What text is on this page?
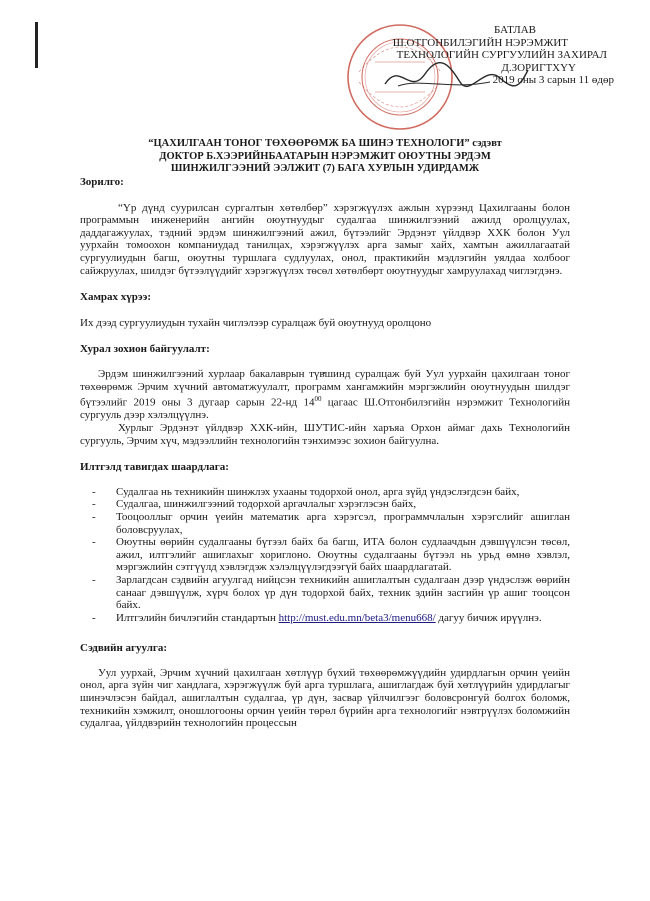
БАТЛАВ
Ш.ОТГОНБИЛЭГИЙН НЭРЭМЖИТ
ТЕХНОЛОГИЙН СУРГУУЛИЙН ЗАХИРАЛ
Д.ЗОРИГТХҮҮ
2019 оны 3 сарын 11 өдөр
“ЦАХИЛГААН ТОНОГ ТӨХӨӨРӨМЖ БА ШИНЭ ТЕХНОЛОГИ” сэдэвт
ДОКТОР Б.ХЭЭРИЙНБААТАРЫН НЭРЭМЖИТ ОЮУТНЫ ЭРДЭМ
ШИНЖИЛГЭЭНИЙ ЭЭЛЖИТ (7) БАГА ХУРЛЫН УДИРДАМЖ

Зорилго:

“Үр дүнд суурилсан сургалтын хөтөлбөр” хэрэгжүүлэх ажлын хүрээнд Цахилгааны болон программын инженерийн ангийн оюутнуудыг судалгаа шинжилгээний ажилд оролцуулах, даддагажуулах, тэдний эрдэм шинжилгээний ажил, бүтээлийг Эрдэнэт үйлдвэр ХХК болон Уул уурхайн томоохон компаниудад танилцах, хэрэгжүүлэх арга замыг хайх, хамтын ажиллагаатай сургуулиудын багш, оюутны туршлага судлуулах, онол, практикийн мэдлэгийн уялдаа холбоог сайжруулах, шилдэг бүтээлүүдийг хэрэгжүүлэх төсөл хөтөлбөрт оюутнуудыг хамруулахад чиглэгдэнэ.

Хамрах хүрээ:

Их дээд сургуулиудын тухайн чиглэлээр суралцаж буй оюутнууд оролцоно

Хурал зохион байгуулалт:

Эрдэм шинжилгээний хурлаар бакалаврын түвшинд суралцаж буй Уул уурхайн цахилгаан тоног төхөөрөмж Эрчим хүчний автоматжуулалт, программ хангамжийн мэргэжлийн оюутнуудын шилдэг бүтээлийг 2019 оны 3 дугаар сарын 22-нд $14^{00}$ цагаас Ш.Отгонбилэгийн нэрэмжит Технологийн сургууль дээр хэлэлцүүлнэ.

Хурлыг Эрдэнэт үйлдвэр ХХК-ийн, ШУТИС-ийн харъяа Орхон аймаг дахь Технологийн сургууль, Эрчим хүч, мэдээллийн технологийн тэнхимээс зохион байгуулна.

Илтгэлд тавигдах шаардлага:

- Судалгаа нь техникийн шинжлэх ухааны тодорхой онол, арга зүйд үндэслэгдсэн байх,
- Судалгаа, шинжилгээний тодорхой аргачлалыг хэрэглэсэн байх,
- Тооцооллыг орчин үеийн математик арга хэрэгсэл, программчлалын хэрэгслийг ашиглан боловсруулах,
- Оюутны өөрийн судалгааны бүтээл байх ба багш, ИТА болон судлаачдын дэвшүүлсэн төсөл, ажил, илтгэлийг ашиглахыг хориглоно. Оюутны судалгааны бүтээл нь урьд өмнө хэвлэл, мэргэжлийн сэтгүүлд хэвлэгдэж хэлэлцүүлэгдээгүй байх шаардлагатай.
- Зарлагдсан сэдвийн агуулгад нийцсэн техникийн ашиглалтын судалгаан дээр үндэслэж өөрийн санааг дэвшүүлж, хүрч болох үр дүн тодорхой байх, техник эдийн засгийн үр ашиг тооцсон байх.
- Илтгэлийн бичлэгийн стандартын http://must.edu.mn/beta3/menu668/ дагуу бичиж ирүүлнэ.

Сэдвийн агуулга:

Уул уурхай, Эрчим хүчний цахилгаан хөтлүүр бүхий төхөөрөмжүүдийн удирдлагын орчин үеийн онол, арга зүйн чиг хандлага, хэрэгжүүлж буй арга туршлага, ашиглагдаж буй хөтлүүрийн удирдлагыг шинэчлэсэн байдал, ашиглалтын судалгаа, үр дүн, засвар үйлчилгээг боловсронгуй болгох боломж, техникийн хэмжилт, оношлогооны орчин үеийн төрөл бүрийн арга технологийг нэвтрүүлэх боломжийн судалгаа, үйлдвэрийн технологийн процессын
